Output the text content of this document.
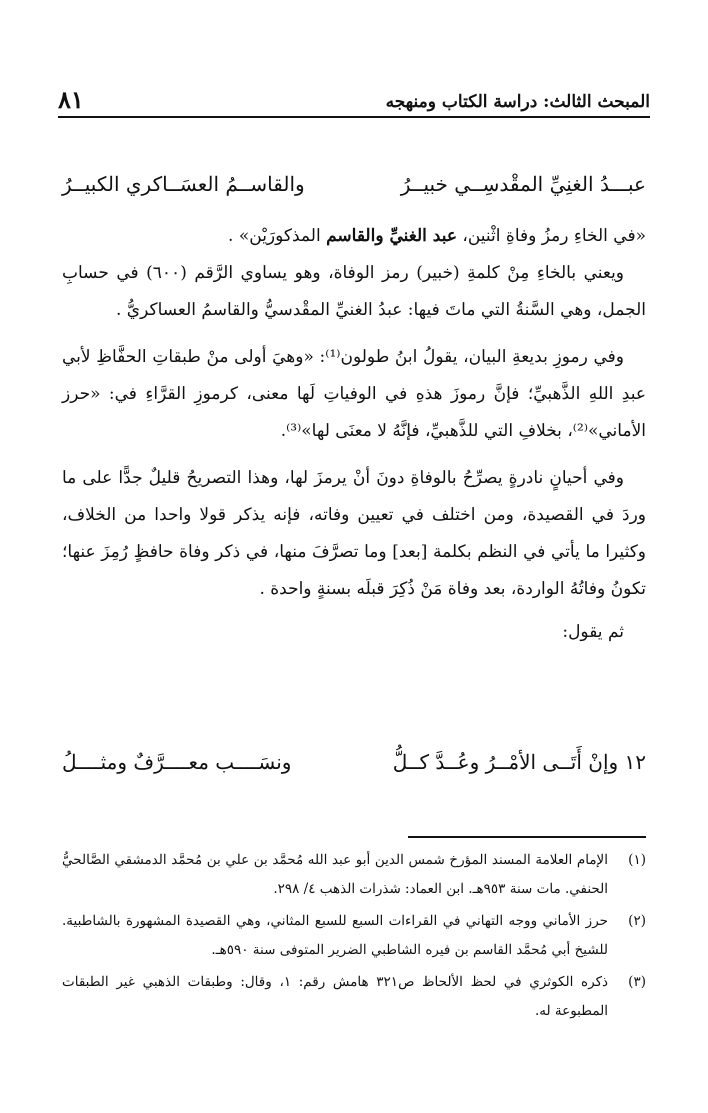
المبحث الثالث: دراسة الكتاب ومنهجه
٨١
عبـــدُ الغنِيِّ المقْدسِــي خبيــرُ
والقاســمُ العسَــاكري الكبيــرُ

«في الخاءِ رمزُ وفاةِ اثْنين، عبد الغنيِّ والقاسم المذكورَيْن» .

ويعني بالخاءِ مِنْ كلمةِ (خبير) رمز الوفاة، وهو يساوي الرَّقم (٦٠٠) في حسابِ الجمل، وهي السَّنةُ التي ماتَ فيها: عبدُ الغنيِّ المقْدسيُّ والقاسمُ العساكريُّ .

وفي رموزِ بديعةِ البيان، يقولُ ابنُ طولون⁽¹⁾: «وهيَ أولى منْ طبقاتِ الحفَّاظِ لأبي عبدِ اللهِ الذَّهبيِّ؛ فإنَّ رموزَ هذهِ في الوفياتِ لَها معنى، كرموزِ القرَّاءِ في: «حرز الأماني»⁽²⁾، بخلافِ التي للذَّهبيِّ، فإنَّهُ لا معنَى لها»⁽³⁾.

وفي أحيانٍ نادرةٍ يصرِّحُ بالوفاةِ دونَ أنْ يرمزَ لها، وهذا التصريحُ قليلٌ جدًّا على ما وردَ في القصيدة، ومن اختلف في تعيين وفاته، فإنه يذكر قولا واحدا من الخلاف، وكثيرا ما يأتي في النظم بكلمة [بعد] وما تصرَّفَ منها، في ذكر وفاة حافظٍ رُمِزَ عنها؛ تكونُ وفاتُهُ الواردة، بعد وفاة مَنْ ذُكِرَ قبلَه بسنةٍ واحدة .

ثم يقول:

١٢ وإنْ أَتَــى الأمْــرُ وعُــدَّ كــلُّ
ونسَــــب معــــرَّفٌ ومثــــلُ
(١)
الإمام العلامة المسند المؤرخ شمس الدين أبو عبد الله مُحمَّد بن علي بن مُحمَّد الدمشقي الصَّالحيُّ الحنفي. مات سنة ٩٥٣هـ. ابن العماد: شذرات الذهب ٤/ ٢٩٨.
(٢)
حرز الأماني ووجه التهاني في القراءات السبع للسبع المثاني، وهي القصيدة المشهورة بالشاطبية. للشيخ أبي مُحمَّد القاسم بن فيره الشاطبي الضرير المتوفى سنة ٥٩٠هـ.
(٣)
ذكره الكوثري في لحظ الألحاظ ص٣٢١ هامش رقم: ١، وقال: وطبقات الذهبي غير الطبقات المطبوعة له.
